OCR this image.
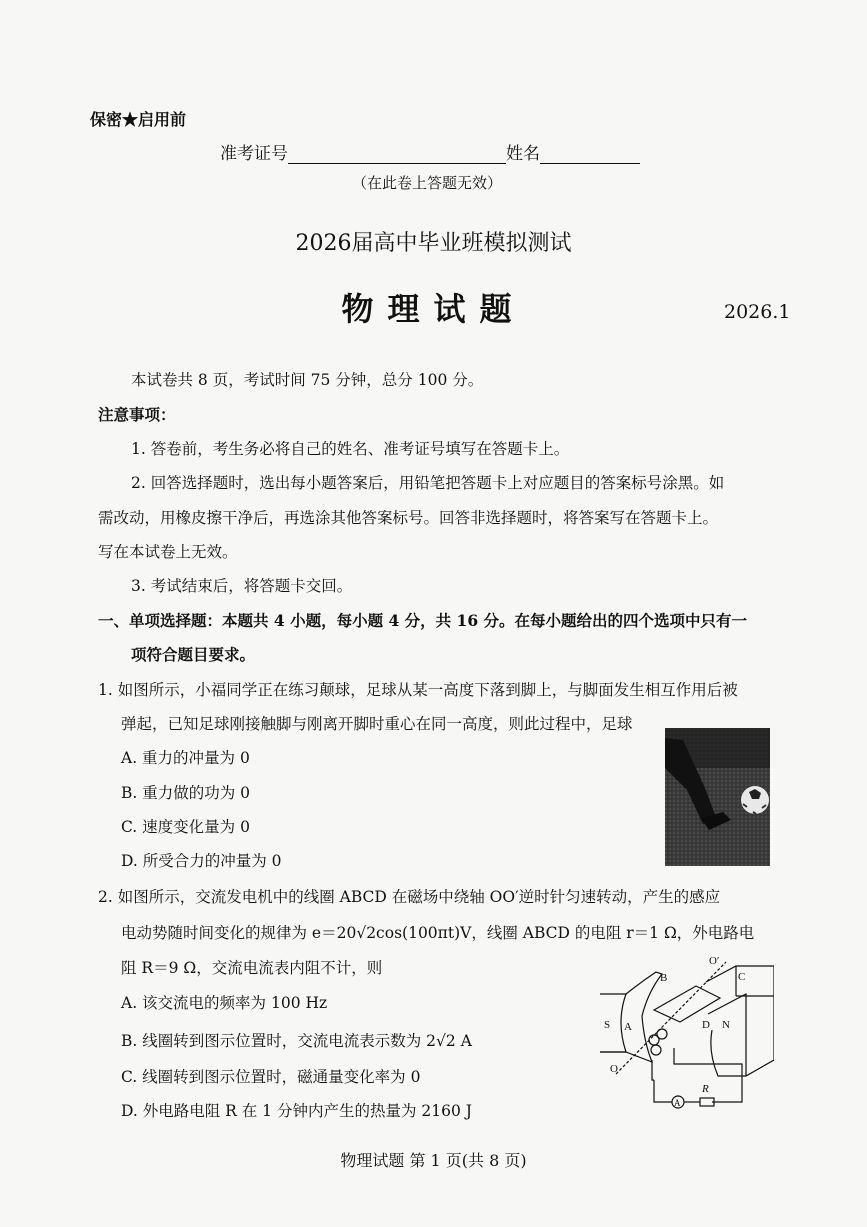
保密★启用前
准考证号	姓名
（在此卷上答题无效）
2026届高中毕业班模拟测试
物理试题	2026.1
本试卷共 8 页，考试时间 75 分钟，总分 100 分。
注意事项：
1. 答卷前，考生务必将自己的姓名、准考证号填写在答题卡上。
2. 回答选择题时，选出每小题答案后，用铅笔把答题卡上对应题目的答案标号涂黑。如
需改动，用橡皮擦干净后，再选涂其他答案标号。回答非选择题时，将答案写在答题卡上。
写在本试卷上无效。
3. 考试结束后，将答题卡交回。
一、单项选择题：本题共 4 小题，每小题 4 分，共 16 分。在每小题给出的四个选项中只有一
项符合题目要求。
1. 如图所示，小福同学正在练习颠球，足球从某一高度下落到脚上，与脚面发生相互作用后被
弹起，已知足球刚接触脚与刚离开脚时重心在同一高度，则此过程中，足球
A. 重力的冲量为 0
B. 重力做的功为 0
C. 速度变化量为 0
D. 所受合力的冲量为 0
2. 如图所示，交流发电机中的线圈 ABCD 在磁场中绕轴 OO′逆时针匀速转动，产生的感应
电动势随时间变化的规律为 e＝20√2cos(100πt)V，线圈 ABCD 的电阻 r＝1 Ω，外电路电
阻 R＝9 Ω，交流电流表内阻不计，则
A. 该交流电的频率为 100 Hz
B. 线圈转到图示位置时，交流电流表示数为 2√2 A
C. 线圈转到图示位置时，磁通量变化率为 0
D. 外电路电阻 R 在 1 分钟内产生的热量为 2160 J
B	C
A	D
S	N
O
O′
A
R
物理试题 第 1 页(共 8 页)
